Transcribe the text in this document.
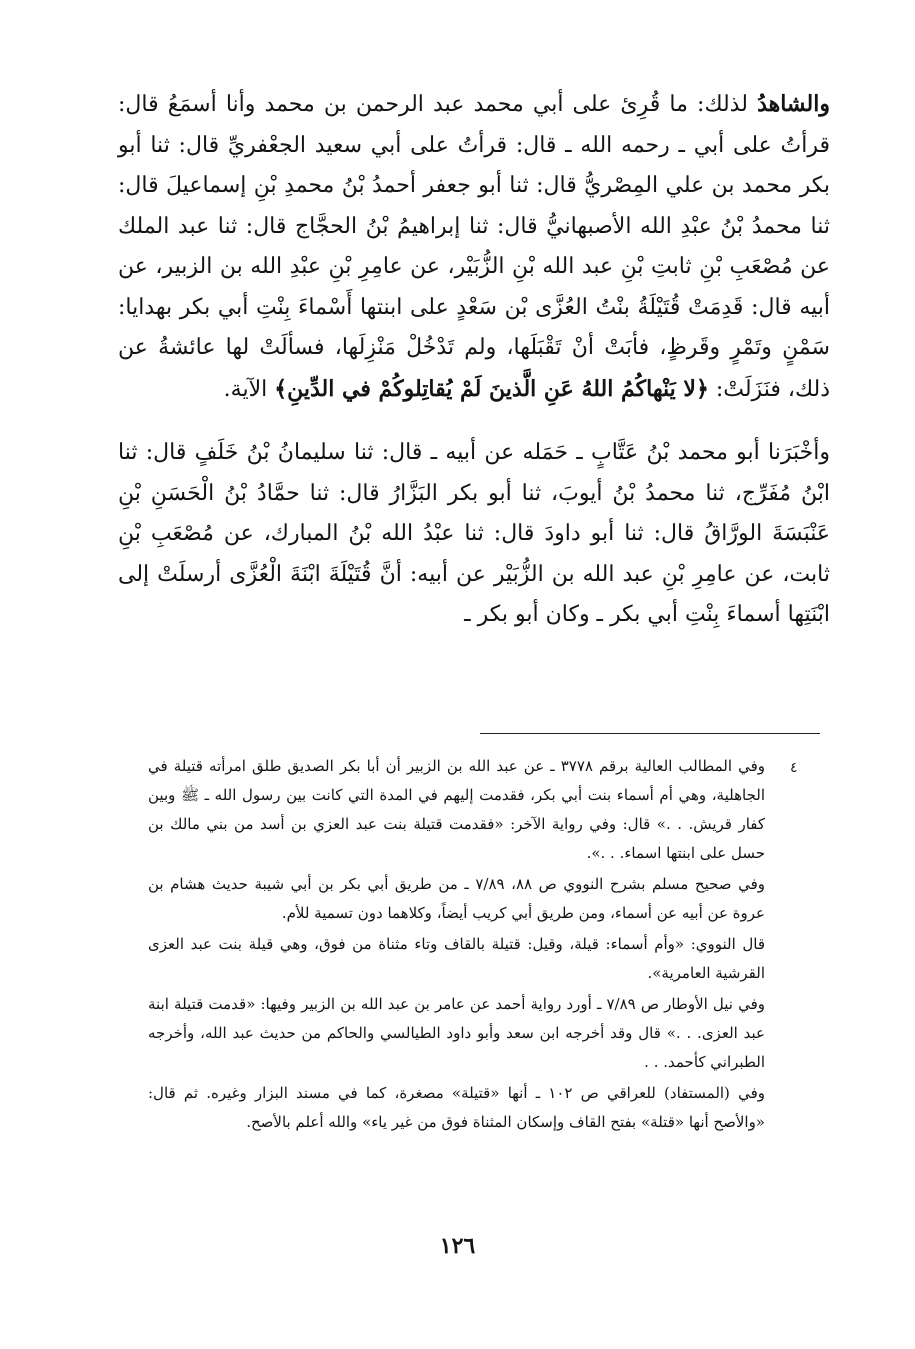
والشاهدُ لذلك: ما قُرِئ على أبي محمد عبد الرحمن بن محمد وأنا أسمَعُ قال: قرأتُ على أبي ـ رحمه الله ـ قال: قرأتُ على أبي سعيد الجعْفريِّ قال: ثنا أبو بكر محمد بن علي المِصْريُّ قال: ثنا أبو جعفر أحمدُ بْنُ محمدِ بْنِ إسماعيلَ قال: ثنا محمدُ بْنُ عبْدِ الله الأصبهانيُّ قال: ثنا إبراهيمُ بْنُ الحجَّاج قال: ثنا عبد الملك عن مُصْعَبِ بْنِ ثابتِ بْنِ عبد الله بْنِ الزُّبَيْر، عن عامِرِ بْنِ عبْدِ الله بن الزبير، عن أبيه قال: قَدِمَتْ قُتَيْلَةُ بنْتُ العُزَّى بْن سَعْدٍ على ابنتها أَسْماءَ بِنْتِ أبي بكر بهدايا: سَمْنٍ وتَمْرٍ وقَرظٍ، فأبَتْ أنْ تَقْبَلَها، ولم تَدْخُلْ مَنْزِلَها، فسألَتْ لها عائشةُ عن ذلك، فنَزَلَتْ: ﴿لا يَنْهاكُمُ اللهُ عَنِ الَّذينَ لَمْ يُقاتِلوكُمْ في الدِّينِ﴾ الآية.

وأخْبَرَنا أبو محمد بْنُ عَتَّابٍ ـ حَمَله عن أبيه ـ قال: ثنا سليمانُ بْنُ خَلَفٍ قال: ثنا ابْنُ مُفَرِّج، ثنا محمدُ بْنُ أيوبَ، ثنا أبو بكر البَزَّارُ قال: ثنا حمَّادُ بْنُ الْحَسَنِ بْنِ عَنْبَسَةَ الورَّاقُ قال: ثنا أبو داودَ قال: ثنا عبْدُ الله بْنُ المبارك، عن مُصْعَبِ بْنِ ثابت، عن عامِرِ بْنِ عبد الله بن الزُّبَيْر عن أبيه: أنَّ قُتَيْلَةَ ابْنَةَ الْعُزَّى أرسلَتْ إلى ابْنَتِها أسماءَ بِنْتِ أبي بكر ـ وكان أبو بكر ـ

٤

وفي المطالب العالية برقم ٣٧٧٨ ـ عن عبد الله بن الزبير أن أبا بكر الصديق طلق امرأته قتيلة في الجاهلية، وهي أم أسماء بنت أبي بكر، فقدمت إليهم في المدة التي كانت بين رسول الله ـ ﷺ وبين كفار قريش. . .» قال: وفي رواية الآخر: «فقدمت قتيلة بنت عبد العزي بن أسد من بني مالك بن حسل على ابنتها اسماء. . .».

وفي صحيح مسلم بشرح النووي ص ٨٨، ٧/٨٩ ـ من طريق أبي بكر بن أبي شيبة حديث هشام بن عروة عن أبيه عن أسماء، ومن طريق أبي كريب أيضاً، وكلاهما دون تسمية للأم.

قال النووي: «وأم أسماء: قيلة، وقيل: قتيلة بالقاف وتاء مثناة من فوق، وهي قيلة بنت عبد العزى القرشية العامرية».

وفي نيل الأوطار ص ٧/٨٩ ـ أورد رواية أحمد عن عامر بن عبد الله بن الزبير وفيها: «قدمت قتيلة ابنة عبد العزى. . .» قال وقد أخرجه ابن سعد وأبو داود الطيالسي والحاكم من حديث عبد الله، وأخرجه الطبراني كأحمد. . .

وفي (المستفاد) للعراقي ص ١٠٢ ـ أنها «قتيلة» مصغرة، كما في مسند البزار وغيره. ثم قال: «والأصح أنها «قتلة» بفتح القاف وإسكان المثناة فوق من غير ياء» والله أعلم بالأصح.

١٢٦
